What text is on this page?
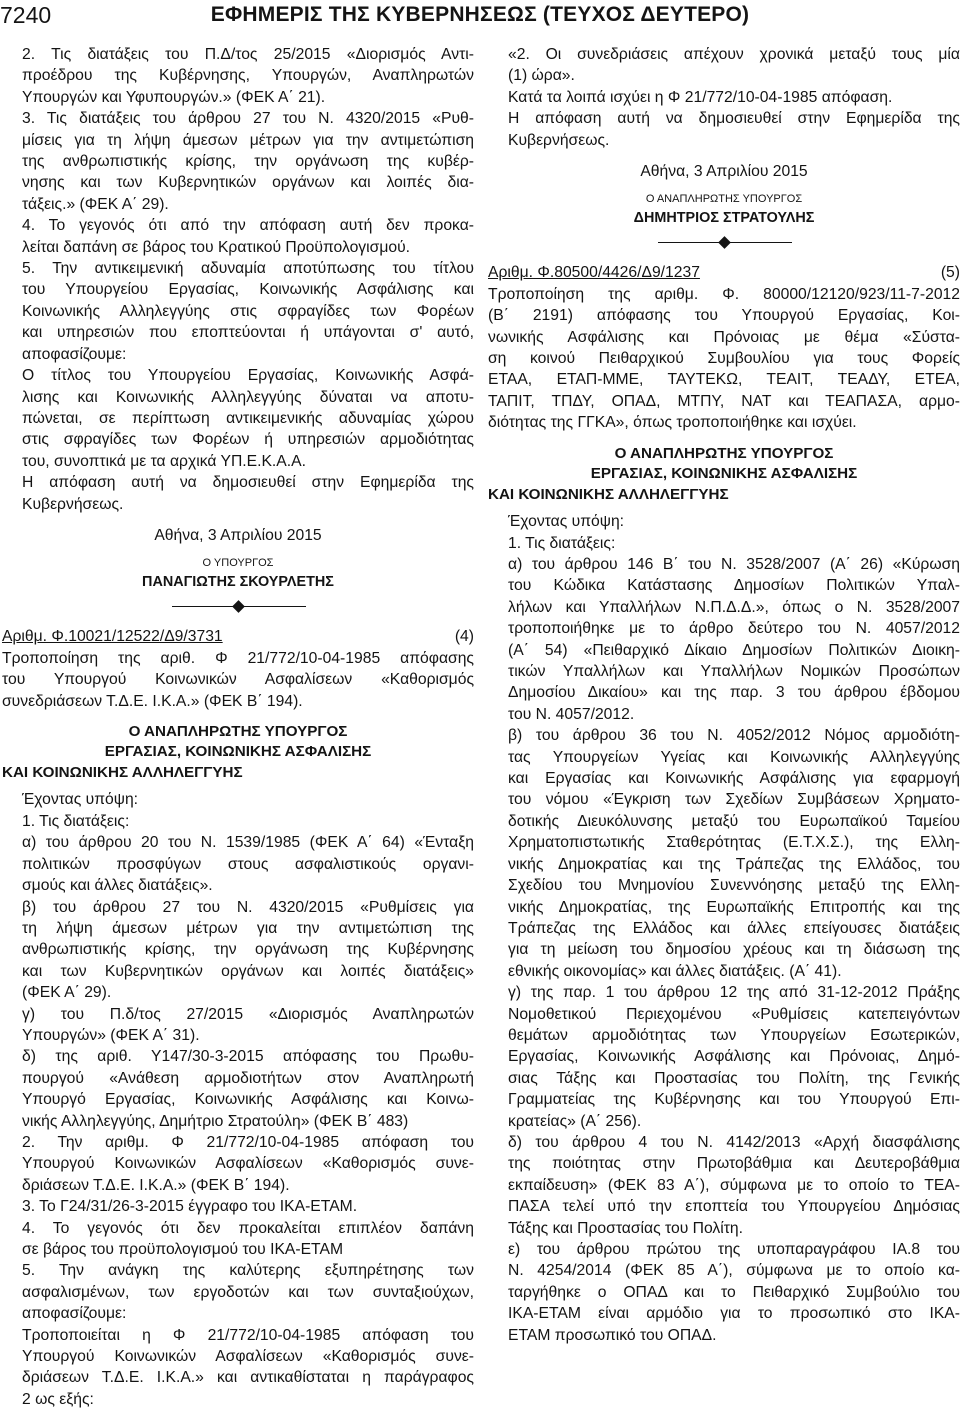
7240	ΕΦΗΜΕΡΙΣ ΤΗΣ ΚΥΒΕΡΝΗΣΕΩΣ (ΤΕΥΧΟΣ ΔΕΥΤΕΡΟ)

2. Τις διατάξεις του Π.Δ/τος 25/2015 «Διορισμός Αντι-
προέδρου της Κυβέρνησης, Υπουργών, Αναπληρωτών
Υπουργών και Υφυπουργών.» (ΦΕΚ Α΄ 21).

3. Τις διατάξεις του άρθρου 27 του Ν. 4320/2015 «Ρυθ-
μίσεις για τη λήψη άμεσων μέτρων για την αντιμετώπιση
της ανθρωπιστικής κρίσης, την οργάνωση της κυβέρ-
νησης και των Κυβερνητικών οργάνων και λοιπές δια-
τάξεις.» (ΦΕΚ Α΄ 29).

4. Το γεγονός ότι από την απόφαση αυτή δεν προκα-
λείται δαπάνη σε βάρος του Κρατικού Προϋπολογισμού.

5. Την αντικειμενική αδυναμία αποτύπωσης του τίτλου
του Υπουργείου Εργασίας, Κοινωνικής Ασφάλισης και
Κοινωνικής Αλληλεγγύης στις σφραγίδες των Φορέων
και υπηρεσιών που εποπτεύονται ή υπάγονται σ' αυτό,
αποφασίζουμε:

Ο τίτλος του Υπουργείου Εργασίας, Κοινωνικής Ασφά-
λισης και Κοινωνικής Αλληλεγγύης δύναται να αποτυ-
πώνεται, σε περίπτωση αντικειμενικής αδυναμίας χώρου
στις σφραγίδες των Φορέων ή υπηρεσιών αρμοδιότητας
του, συνοπτικά με τα αρχικά ΥΠ.Ε.Κ.Α.Α.

Η απόφαση αυτή να δημοσιευθεί στην Εφημερίδα της
Κυβερνήσεως.

Αθήνα, 3 Απριλίου 2015

Ο ΥΠΟΥΡΓΟΣ

ΠΑΝΑΓΙΩΤΗΣ ΣΚΟΥΡΛΕΤΗΣ

Αριθμ. Φ.10021/12522/Δ9/3731	(4)

Τροποποίηση της αριθ. Φ 21/772/10-04-1985 απόφασης
του Υπουργού Κοινωνικών Ασφαλίσεων «Καθορισμός
συνεδριάσεων Τ.Δ.Ε. Ι.Κ.Α.» (ΦΕΚ Β΄ 194).

Ο ΑΝΑΠΛΗΡΩΤΗΣ ΥΠΟΥΡΓΟΣ
ΕΡΓΑΣΙΑΣ, ΚΟΙΝΩΝΙΚΗΣ ΑΣΦΑΛΙΣΗΣ
ΚΑΙ ΚΟΙΝΩΝΙΚΗΣ ΑΛΛΗΛΕΓΓΥΗΣ

Έχοντας υπόψη:

1. Τις διατάξεις:

α) του άρθρου 20 του Ν. 1539/1985 (ΦΕΚ Α΄ 64) «Ένταξη
πολιτικών προσφύγων στους ασφαλιστικούς οργανι-
σμούς και άλλες διατάξεις».

β) του άρθρου 27 του Ν. 4320/2015 «Ρυθμίσεις για
τη λήψη άμεσων μέτρων για την αντιμετώπιση της
ανθρωπιστικής κρίσης, την οργάνωση της Κυβέρνησης
και των Κυβερνητικών οργάνων και λοιπές διατάξεις»
(ΦΕΚ Α΄ 29).

γ) του Π.δ/τος 27/2015 «Διορισμός Αναπληρωτών
Υπουργών» (ΦΕΚ Α΄ 31).

δ) της αριθ. Υ147/30-3-2015 απόφασης του Πρωθυ-
πουργού «Ανάθεση αρμοδιοτήτων στον Αναπληρωτή
Υπουργό Εργασίας, Κοινωνικής Ασφάλισης και Κοινω-
νικής Αλληλεγγύης, Δημήτριο Στρατούλη» (ΦΕΚ Β΄ 483)

2. Την αριθμ. Φ 21/772/10-04-1985 απόφαση του
Υπουργού Κοινωνικών Ασφαλίσεων «Καθορισμός συνε-
δριάσεων Τ.Δ.Ε. Ι.Κ.Α.» (ΦΕΚ Β΄ 194).

3. Το Γ24/31/26-3-2015 έγγραφο του ΙΚΑ-ΕΤΑΜ.

4. Το γεγονός ότι δεν προκαλείται επιπλέον δαπάνη
σε βάρος του προϋπολογισμού του ΙΚΑ-ΕΤΑΜ

5. Την ανάγκη της καλύτερης εξυπηρέτησης των
ασφαλισμένων, των εργοδοτών και των συνταξιούχων,
αποφασίζουμε:

Τροποποιείται η Φ 21/772/10-04-1985 απόφαση του
Υπουργού Κοινωνικών Ασφαλίσεων «Καθορισμός συνε-
δριάσεων Τ.Δ.Ε. Ι.Κ.Α.» και αντικαθίσταται η παράγραφος
2 ως εξής:

«2. Οι συνεδριάσεις απέχουν χρονικά μεταξύ τους μία
(1) ώρα».

Κατά τα λοιπά ισχύει η Φ 21/772/10-04-1985 απόφαση.

Η απόφαση αυτή να δημοσιευθεί στην Εφημερίδα της
Κυβερνήσεως.

Αθήνα, 3 Απριλίου 2015

Ο ΑΝΑΠΛΗΡΩΤΗΣ ΥΠΟΥΡΓΟΣ

ΔΗΜΗΤΡΙΟΣ ΣΤΡΑΤΟΥΛΗΣ

Αριθμ. Φ.80500/4426/Δ9/1237	(5)

Τροποποίηση της αριθμ. Φ. 80000/12120/923/11-7-2012
(Β΄ 2191) απόφασης του Υπουργού Εργασίας, Κοι-
νωνικής Ασφάλισης και Πρόνοιας με θέμα «Σύστα-
ση κοινού Πειθαρχικού Συμβουλίου για τους Φορείς
ΕΤΑΑ, ΕΤΑΠ-ΜΜΕ, ΤΑΥΤΕΚΩ, ΤΕΑΙΤ, ΤΕΑΔΥ, ΕΤΕΑ,
ΤΑΠΙΤ, ΤΠΔΥ, ΟΠΑΔ, ΜΤΠΥ, ΝΑΤ και ΤΕΑΠΑΣΑ, αρμο-
διότητας της ΓΓΚΑ», όπως τροποποιήθηκε και ισχύει.

Ο ΑΝΑΠΛΗΡΩΤΗΣ ΥΠΟΥΡΓΟΣ
ΕΡΓΑΣΙΑΣ, ΚΟΙΝΩΝΙΚΗΣ ΑΣΦΑΛΙΣΗΣ
ΚΑΙ ΚΟΙΝΩΝΙΚΗΣ ΑΛΛΗΛΕΓΓΥΗΣ

Έχοντας υπόψη:

1. Τις διατάξεις:

α) του άρθρου 146 Β΄ του Ν. 3528/2007 (Α΄ 26) «Κύρωση
του Κώδικα Κατάστασης Δημοσίων Πολιτικών Υπαλ-
λήλων και Υπαλλήλων Ν.Π.Δ.Δ.», όπως ο Ν. 3528/2007
τροποποιήθηκε με το άρθρο δεύτερο του Ν. 4057/2012
(Α΄ 54) «Πειθαρχικό Δίκαιο Δημοσίων Πολιτικών Διοικη-
τικών Υπαλλήλων και Υπαλλήλων Νομικών Προσώπων
Δημοσίου Δικαίου» και της παρ. 3 του άρθρου έβδομου
του Ν. 4057/2012.

β) του άρθρου 36 του Ν. 4052/2012 Νόμος αρμοδιότη-
τας Υπουργείων Υγείας και Κοινωνικής Αλληλεγγύης
και Εργασίας και Κοινωνικής Ασφάλισης για εφαρμογή
του νόμου «Έγκριση των Σχεδίων Συμβάσεων Χρηματο-
δοτικής Διευκόλυνσης μεταξύ του Ευρωπαϊκού Ταμείου
Χρηματοπιστωτικής Σταθερότητας (Ε.Τ.Χ.Σ.), της Ελλη-
νικής Δημοκρατίας και της Τράπεζας της Ελλάδος, του
Σχεδίου του Μνημονίου Συνεννόησης μεταξύ της Ελλη-
νικής Δημοκρατίας, της Ευρωπαϊκής Επιτροπής και της
Τράπεζας της Ελλάδος και άλλες επείγουσες διατάξεις
για τη μείωση του δημοσίου χρέους και τη διάσωση της
εθνικής οικονομίας» και άλλες διατάξεις. (Α΄ 41).

γ) της παρ. 1 του άρθρου 12 της από 31-12-2012 Πράξης
Νομοθετικού Περιεχομένου «Ρυθμίσεις κατεπειγόντων
θεμάτων αρμοδιότητας των Υπουργείων Εσωτερικών,
Εργασίας, Κοινωνικής Ασφάλισης και Πρόνοιας, Δημό-
σιας Τάξης και Προστασίας του Πολίτη, της Γενικής
Γραμματείας της Κυβέρνησης και του Υπουργού Επι-
κρατείας» (Α΄ 256).

δ) του άρθρου 4 του Ν. 4142/2013 «Αρχή διασφάλισης
της ποιότητας στην Πρωτοβάθμια και Δευτεροβάθμια
εκπαίδευση» (ΦΕΚ 83 Α΄), σύμφωνα με το οποίο το ΤΕΑ-
ΠΑΣΑ τελεί υπό την εποπτεία του Υπουργείου Δημόσιας
Τάξης και Προστασίας του Πολίτη.

ε) του άρθρου πρώτου της υποπαραγράφου ΙΑ.8 του
Ν. 4254/2014 (ΦΕΚ 85 Α΄), σύμφωνα με το οποίο κα-
ταργήθηκε ο ΟΠΑΔ και το Πειθαρχικό Συμβούλιο του
ΙΚΑ-ΕΤΑΜ είναι αρμόδιο για το προσωπικό στο ΙΚΑ-
ΕΤΑΜ προσωπικό του ΟΠΑΔ.
